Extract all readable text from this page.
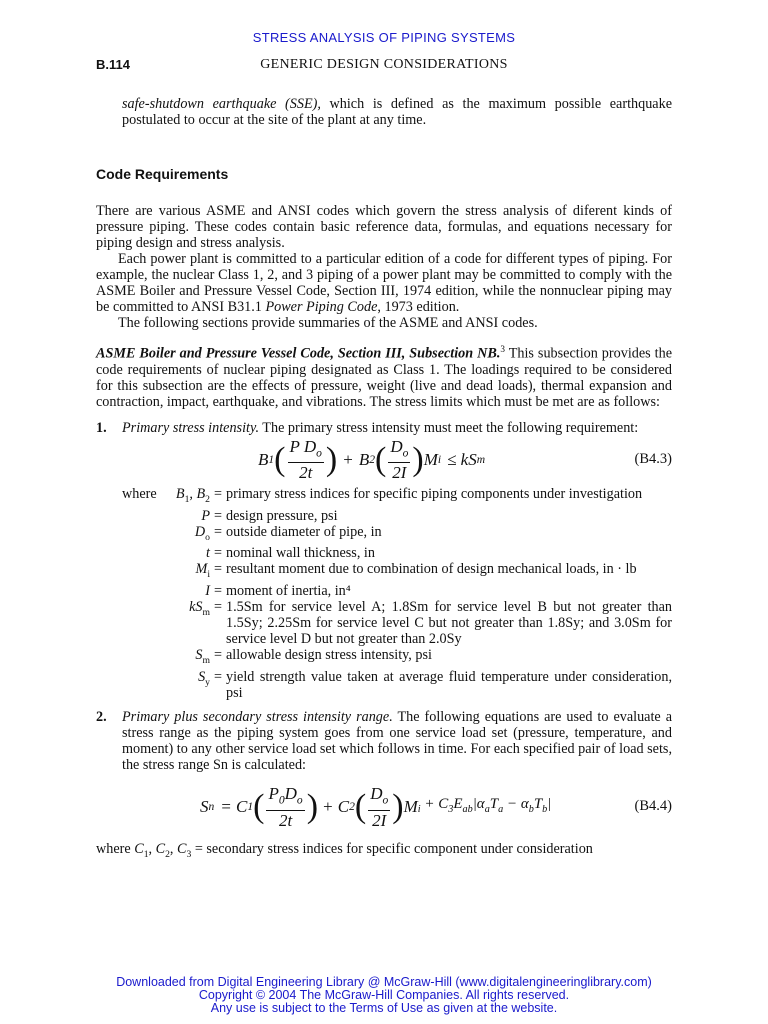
STRESS ANALYSIS OF PIPING SYSTEMS
B.114	GENERIC DESIGN CONSIDERATIONS

safe-shutdown earthquake (SSE), which is defined as the maximum possible earthquake postulated to occur at the site of the plant at any time.

Code Requirements

There are various ASME and ANSI codes which govern the stress analysis of diferent kinds of pressure piping. These codes contain basic reference data, formulas, and equations necessary for piping design and stress analysis.

Each power plant is committed to a particular edition of a code for different types of piping. For example, the nuclear Class 1, 2, and 3 piping of a power plant may be committed to comply with the ASME Boiler and Pressure Vessel Code, Section III, 1974 edition, while the nonnuclear piping may be committed to ANSI B31.1 Power Piping Code, 1973 edition.

The following sections provide summaries of the ASME and ANSI codes.

ASME Boiler and Pressure Vessel Code, Section III, Subsection NB.$^3$ This subsection provides the code requirements of nuclear piping designated as Class 1. The loadings required to be considered for this subsection are the effects of pressure, weight (live and dead loads), thermal expansion and contraction, impact, earthquake, and vibrations. The stress limits which must be met are as follows:

1. Primary stress intensity. The primary stress intensity must meet the following requirement:

B 1 ( $\frac{P D_o}{2t}$ ) + B 2 ( $\frac{D_o}{2I}$ ) M i ≤ kS m	(B4.3)
where	$B_1$, $B_2$ = primary stress indices for specific piping components under investigation
P = design pressure, psi
$D_o$ = outside diameter of pipe, in
t = nominal wall thickness, in
$M_i$ = resultant moment due to combination of design mechanical loads, in · lb
I = moment of inertia, in⁴
$kS_m = 1.5Sm$ for service level A; 1.8Sm for service level B but not greater than 1.5Sy; 2.25Sm for service level C but not greater than 1.8Sy; and 3.0Sm for service level D but not greater than 2.0Sy
$S_m$ = allowable design stress intensity, psi
$S_y$ = yield strength value taken at average fluid temperature under consideration, psi
2. Primary plus secondary stress intensity range. The following equations are used to evaluate a stress range as the piping system goes from one service load set (pressure, temperature, and moment) to any other service load set which follows in time. For each specified pair of load sets, the stress range Sn is calculated:

S n = C 1 ( $\frac{P_0D_o}{2t}$ ) + C 2 ( $\frac{D_o}{2I}$ ) M $_i + C_3E_{ab}|\alpha_aT_a - \alpha_bT_b|$	(B4.4)

where $C_1$, $C_2$, $C_3$ = secondary stress indices for specific component under consideration

Downloaded from Digital Engineering Library @ McGraw-Hill (www.digitalengineeringlibrary.com)
Copyright © 2004 The McGraw-Hill Companies. All rights reserved.
Any use is subject to the Terms of Use as given at the website.
